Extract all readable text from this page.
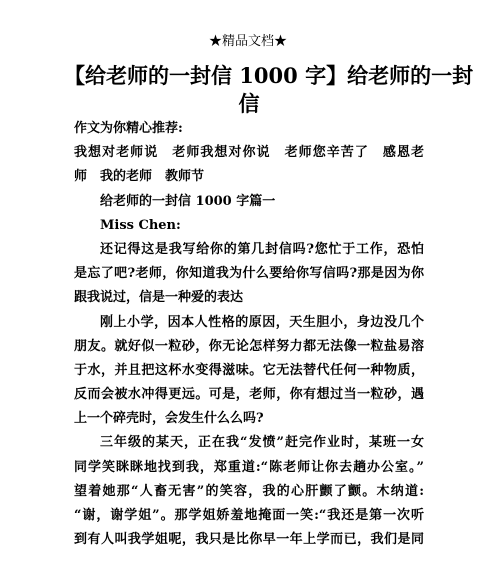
★精品文档★
【给老师的一封信 1000 字】给老师的一封
信
作文为你精心推荐:
我想对老师说　老师我想对你说　老师您辛苦了　感恩老
师　我的老师　教师节
给老师的一封信 1000 字篇一
Miss Chen:
还记得这是我写给你的第几封信吗?您忙于工作，恐怕
是忘了吧?老师，你知道我为什么要给你写信吗?那是因为你
跟我说过，信是一种爱的表达
刚上小学，因本人性格的原因，天生胆小，身边没几个
朋友。就好似一粒砂，你无论怎样努力都无法像一粒盐易溶
于水，并且把这杯水变得滋味。它无法替代任何一种物质，
反而会被水冲得更远。可是，老师，你有想过当一粒砂，遇
上一个碎壳时，会发生什么么吗?
三年级的某天，正在我“发愤”赶完作业时，某班一女
同学笑眯眯地找到我，郑重道:“陈老师让你去趟办公室。”
望着她那“人畜无害”的笑容，我的心肝颤了颤。木纳道:
“谢，谢学姐”。那学姐娇羞地掩面一笑:“我还是第一次听
到有人叫我学姐呢，我只是比你早一年上学而已，我们是同
